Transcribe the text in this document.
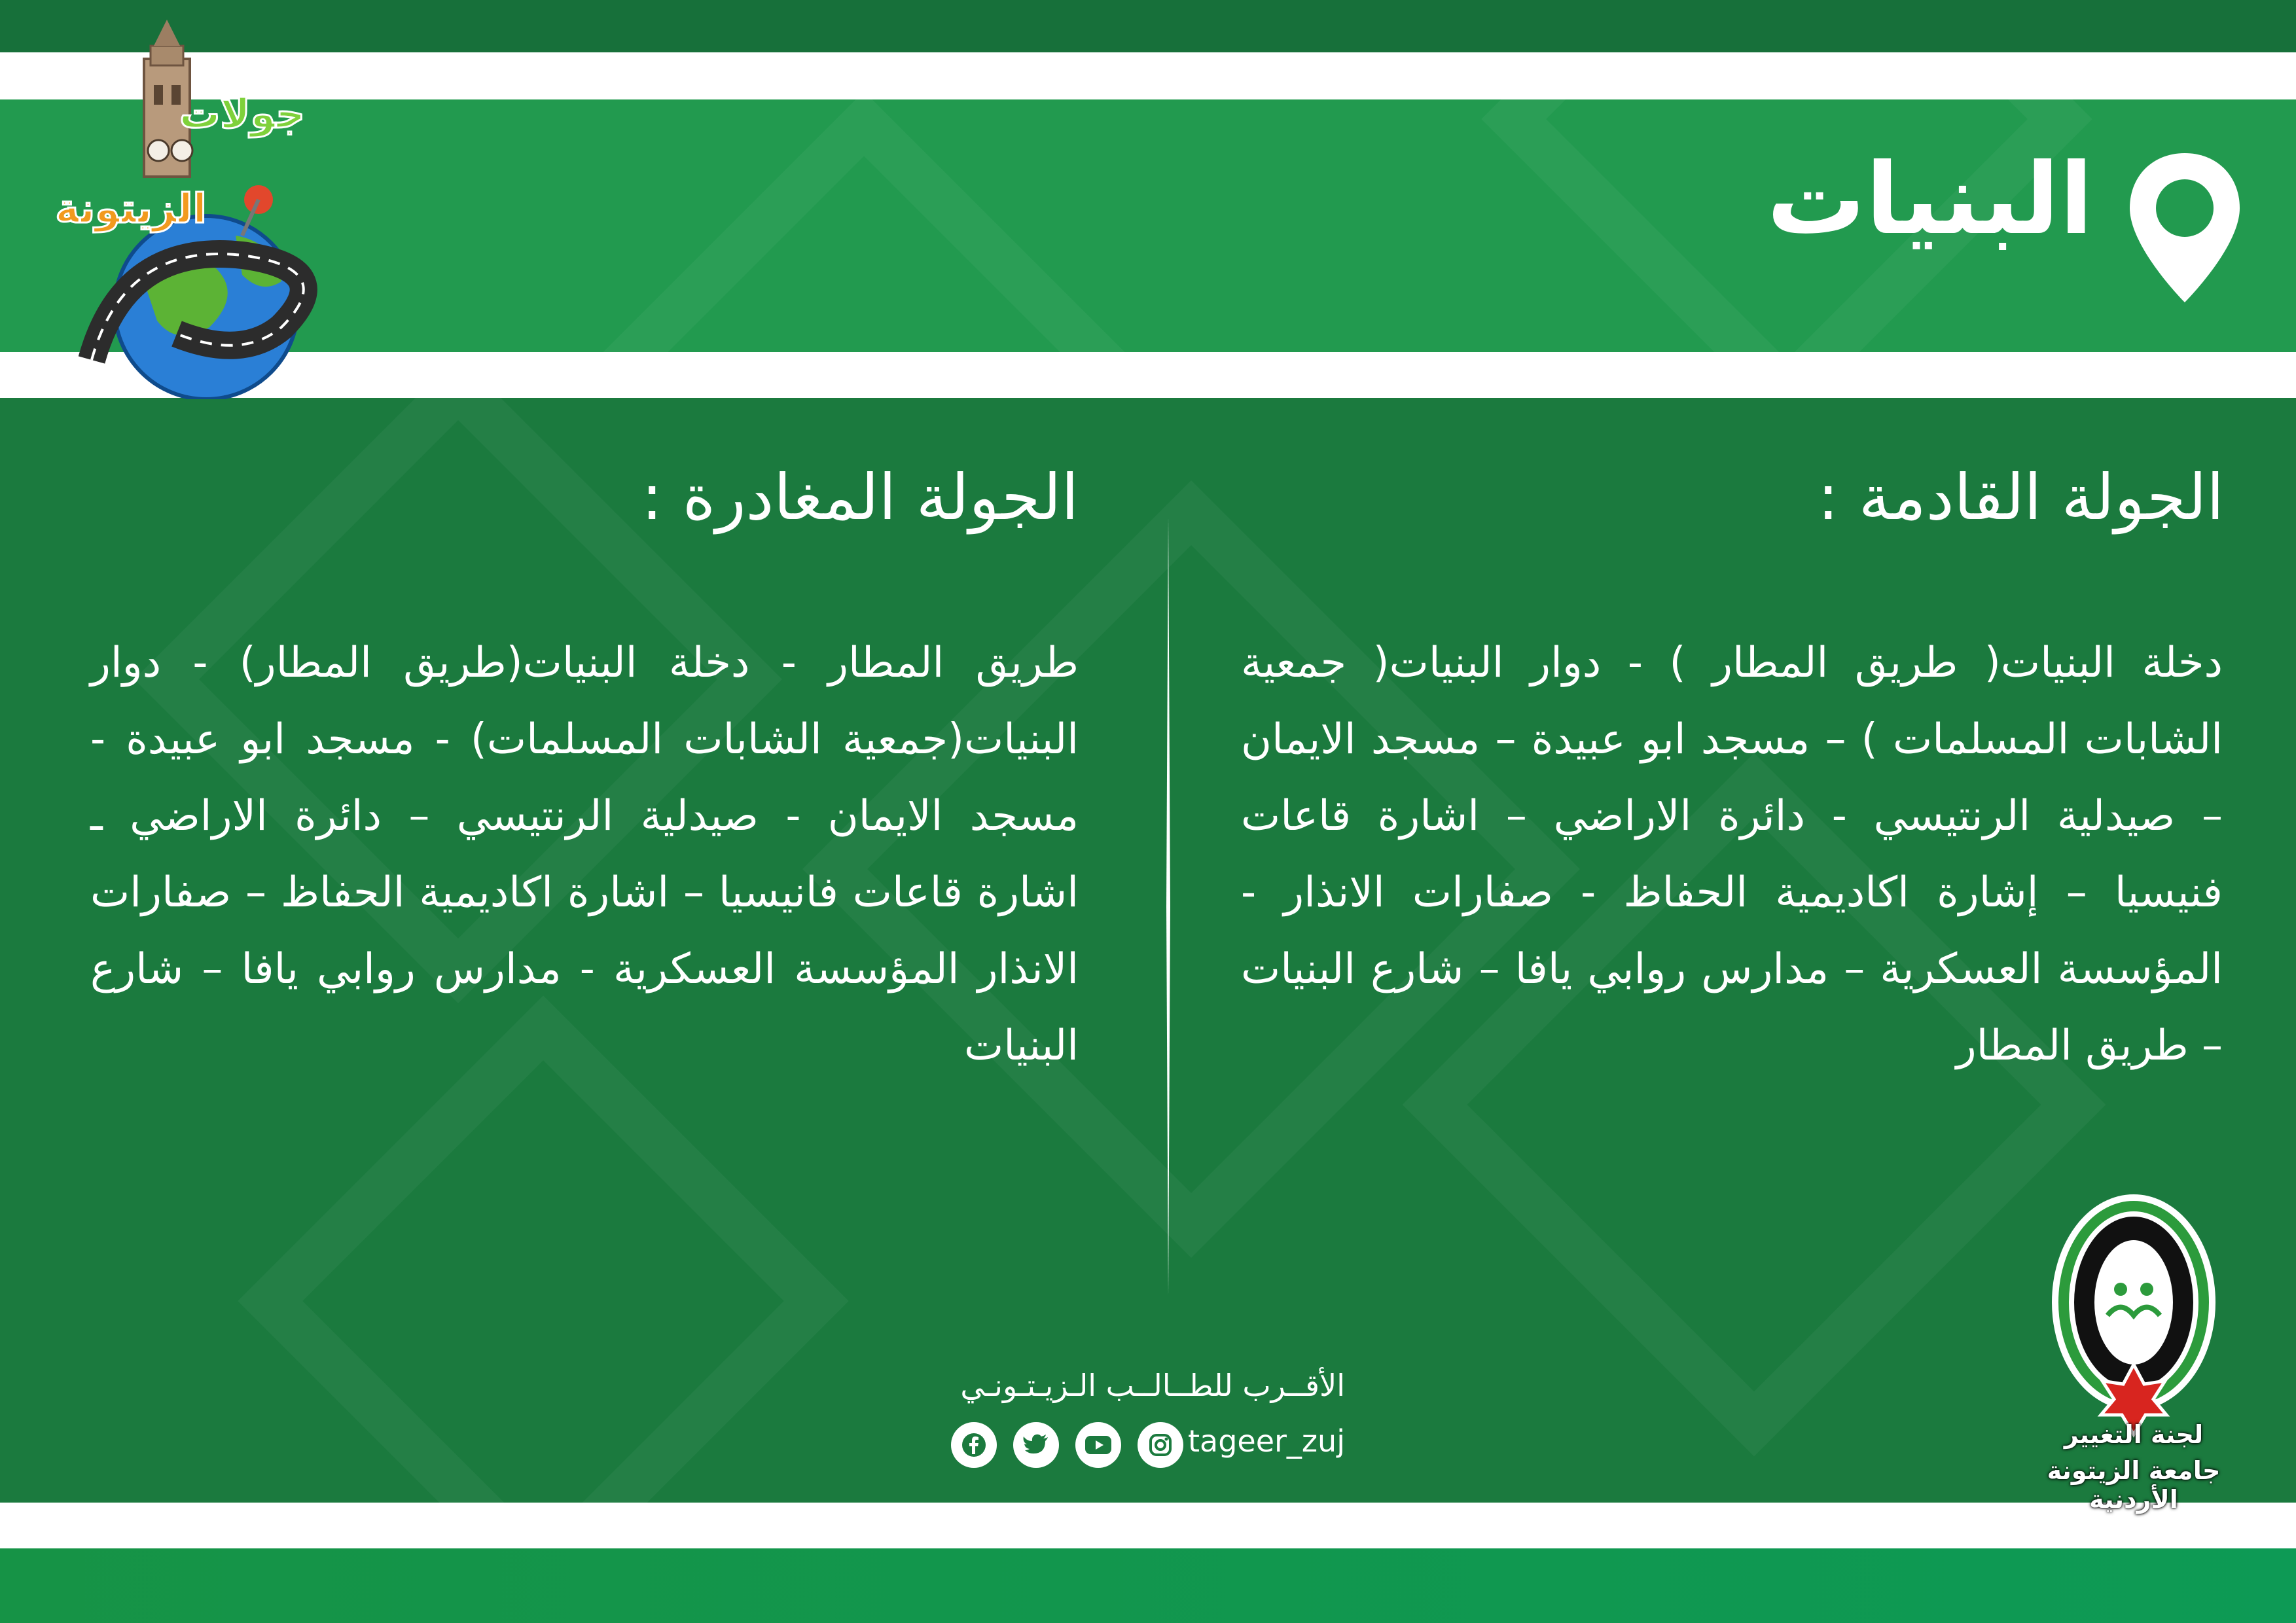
جولات
الزيتونة	البنيات
الجولة القادمة :
دخلة البنيات( طريق المطار ) - دوار البنيات( جمعية الشابات المسلمات ) – مسجد ابو عبيدة – مسجد الايمان – صيدلية الرنتيسي - دائرة الاراضي – اشارة قاعات فنيسيا – إشارة اكاديمية الحفاظ - صفارات الانذار - المؤسسة العسكرية – مدارس روابي يافا – شارع البنيات – طريق المطار
الجولة المغادرة :
طريق المطار - دخلة البنيات(طريق المطار) - دوار البنيات(جمعية الشابات المسلمات) - مسجد ابو عبيدة - مسجد الايمان - صيدلية الرنتيسي – دائرة الاراضي ـ اشارة قاعات فانيسيا – اشارة اكاديمية الحفاظ – صفارات الانذار المؤسسة العسكرية - مدارس روابي يافا – شارع البنيات
الأقــرب للطــالــب الـزيـتـونـي
tageer_zuj	لجنة التغيير
جامعة الزيتونة الأردنية
